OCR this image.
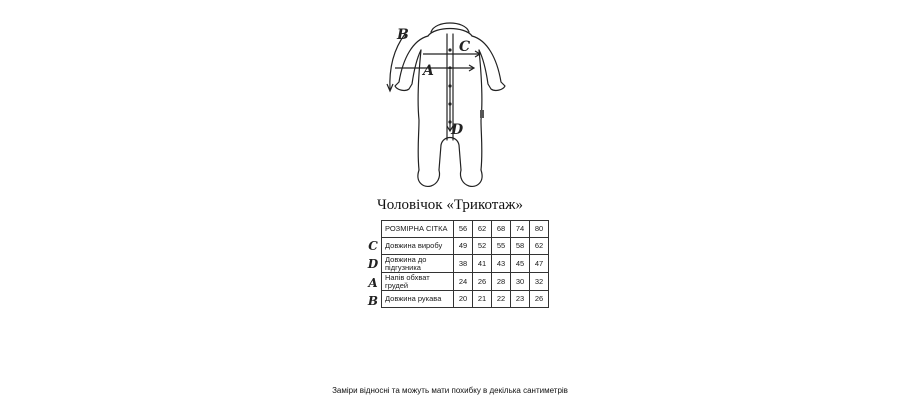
B
C
A
D
Чоловічок «Трикотаж»
C
D
A
B
РОЗМІРНА СІТКА	56	62	68	74	80
Довжина виробу	49	52	55	58	62
Довжина до підгузника	38	41	43	45	47
Напів обхват грудей	24	26	28	30	32
Довжина рукава	20	21	22	23	26
Заміри відносні та можуть мати похибку в декілька сантиметрів
